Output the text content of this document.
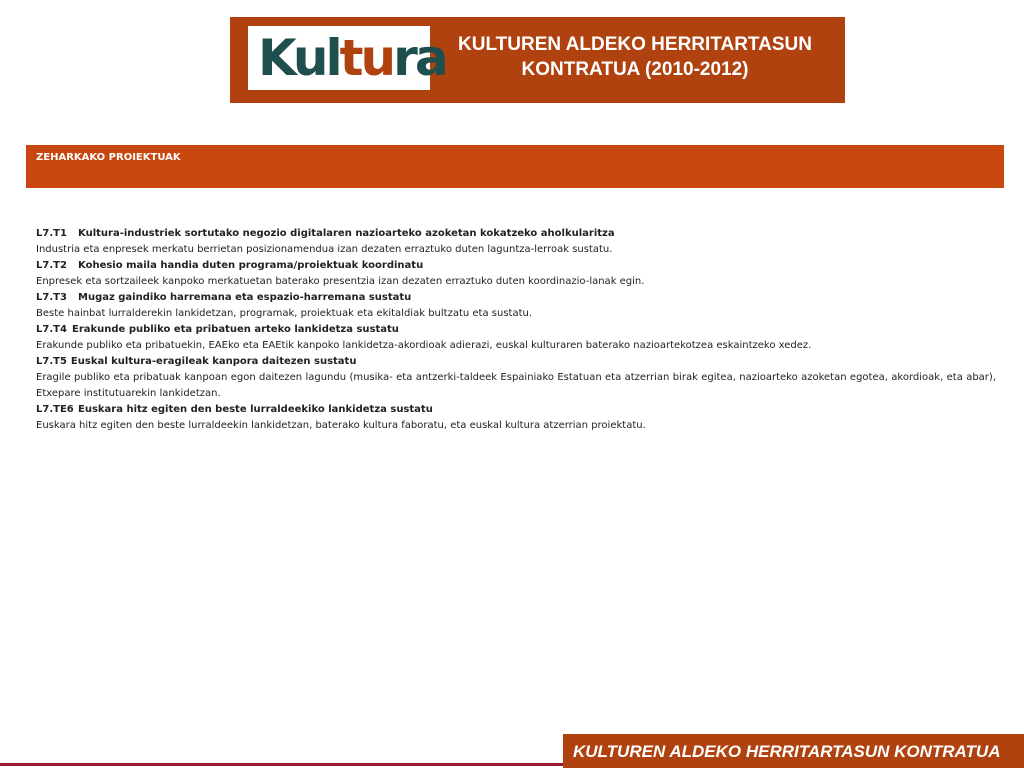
Kultura KULTUREN ALDEKO HERRITARTASUN
KONTRATUA (2010-2012)
ZEHARKAKO PROIEKTUAK
L7.T1 Kultura-industriek sortutako negozio digitalaren nazioarteko azoketan kokatzeko aholkularitza
Industria eta enpresek merkatu berrietan posizionamendua izan dezaten erraztuko duten laguntza-lerroak sustatu.
L7.T2 Kohesio maila handia duten programa/proiektuak koordinatu
Enpresek eta sortzaileek kanpoko merkatuetan baterako presentzia izan dezaten erraztuko duten koordinazio-lanak egin.
L7.T3 Mugaz gaindiko harremana eta espazio-harremana sustatu
Beste hainbat lurralderekin lankidetzan, programak, proiektuak eta ekitaldiak bultzatu eta sustatu.
L7.T4 Erakunde publiko eta pribatuen arteko lankidetza sustatu
Erakunde publiko eta pribatuekin, EAEko eta EAEtik kanpoko lankidetza-akordioak adierazi, euskal kulturaren baterako nazioartekotzea eskaintzeko xedez.
L7.T5 Euskal kultura-eragileak kanpora daitezen sustatu
Eragile publiko eta pribatuak kanpoan egon daitezen lagundu (musika- eta antzerki-taldeek Espainiako Estatuan eta atzerrian birak egitea, nazioarteko azoketan egotea, akordioak, eta abar), Etxepare institutuarekin lankidetzan.
L7.TE6 Euskara hitz egiten den beste lurraldeekiko lankidetza sustatu
Euskara hitz egiten den beste lurraldeekin lankidetzan, baterako kultura faboratu, eta euskal kultura atzerrian proiektatu.
KULTUREN ALDEKO HERRITARTASUN KONTRATUA
